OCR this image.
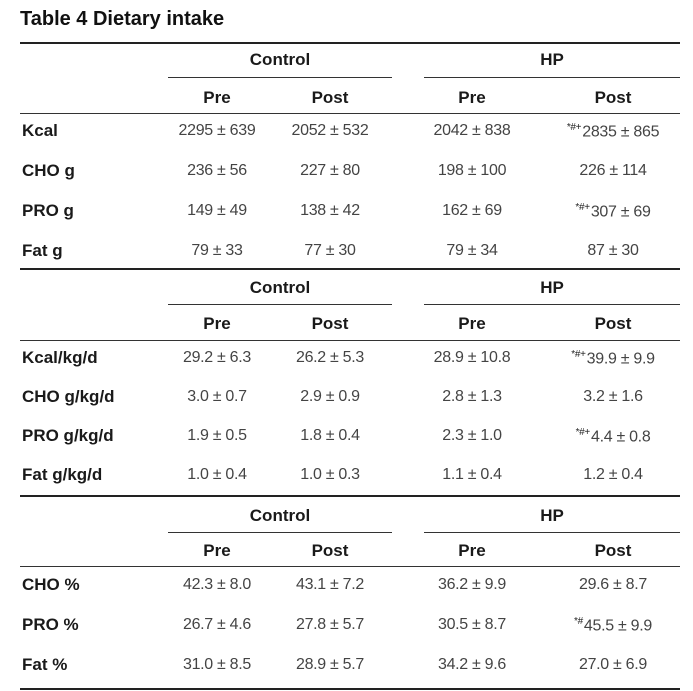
Table 4 Dietary intake
Control	HP
Pre	Post	Pre	Post
Kcal	2295 ± 639	2052 ± 532	2042 ± 838	*#+2835 ± 865
CHO g	236 ± 56	227 ± 80	198 ± 100	226 ± 114
PRO g	149 ± 49	138 ± 42	162 ± 69	*#+307 ± 69
Fat g	79 ± 33	77 ± 30	79 ± 34	87 ± 30
Control	HP
Pre	Post	Pre	Post
Kcal/kg/d	29.2 ± 6.3	26.2 ± 5.3	28.9 ± 10.8	*#+39.9 ± 9.9
CHO g/kg/d	3.0 ± 0.7	2.9 ± 0.9	2.8 ± 1.3	3.2 ± 1.6
PRO g/kg/d	1.9 ± 0.5	1.8 ± 0.4	2.3 ± 1.0	*#+4.4 ± 0.8
Fat g/kg/d	1.0 ± 0.4	1.0 ± 0.3	1.1 ± 0.4	1.2 ± 0.4
Control	HP
Pre	Post	Pre	Post
CHO %	42.3 ± 8.0	43.1 ± 7.2	36.2 ± 9.9	29.6 ± 8.7
PRO %	26.7 ± 4.6	27.8 ± 5.7	30.5 ± 8.7	*#45.5 ± 9.9
Fat %	31.0 ± 8.5	28.9 ± 5.7	34.2 ± 9.6	27.0 ± 6.9
